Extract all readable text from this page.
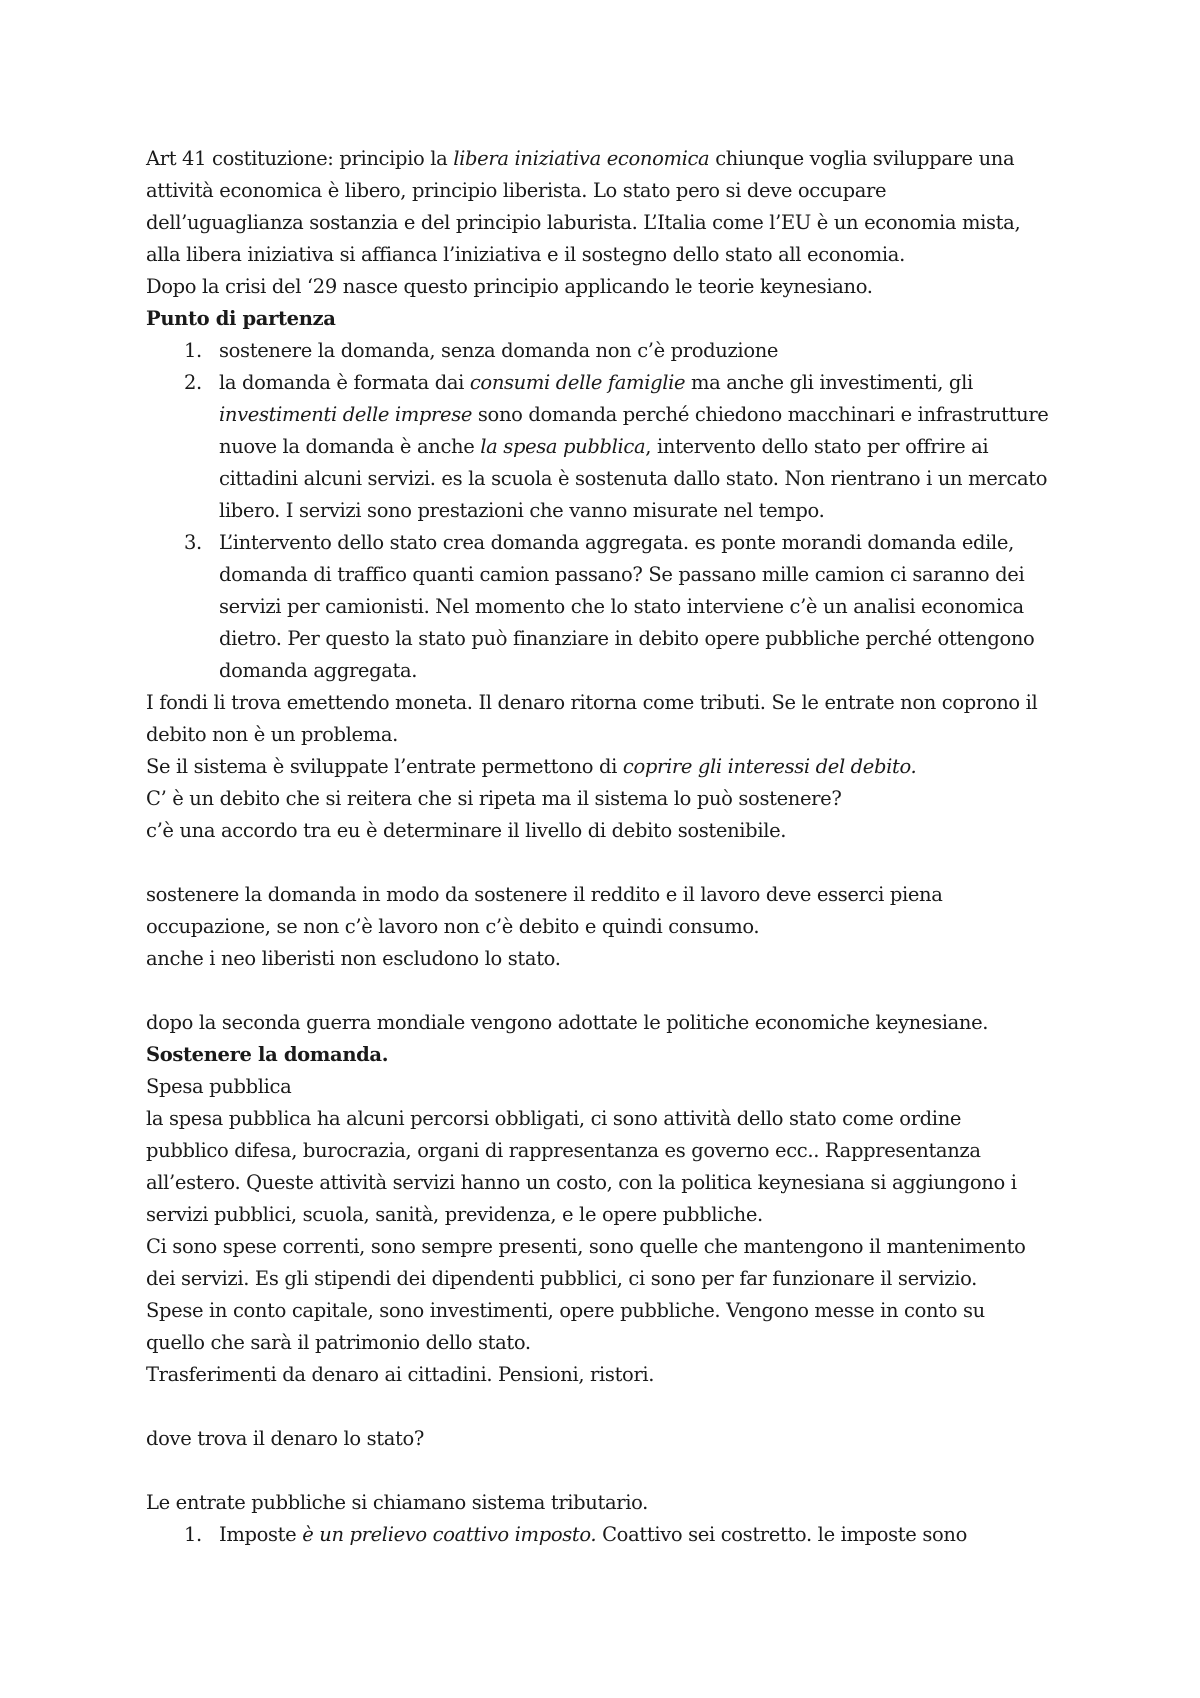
Art 41 costituzione: principio la libera iniziativa economica chiunque voglia sviluppare una
attività economica è libero, principio liberista. Lo stato pero si deve occupare
dell’uguaglianza sostanzia e del principio laburista. L’Italia come l’EU è un economia mista,
alla libera iniziativa si affianca l’iniziativa e il sostegno dello stato all economia.
Dopo la crisi del ‘29 nasce questo principio applicando le teorie keynesiano.
Punto di partenza
1. sostenere la domanda, senza domanda non c’è produzione
2. la domanda è formata dai consumi delle famiglie ma anche gli investimenti, gli
investimenti delle imprese sono domanda perché chiedono macchinari e infrastrutture
nuove la domanda è anche la spesa pubblica, intervento dello stato per offrire ai
cittadini alcuni servizi. es la scuola è sostenuta dallo stato. Non rientrano i un mercato
libero. I servizi sono prestazioni che vanno misurate nel tempo.
3. L’intervento dello stato crea domanda aggregata. es ponte morandi domanda edile,
domanda di traffico quanti camion passano? Se passano mille camion ci saranno dei
servizi per camionisti. Nel momento che lo stato interviene c’è un analisi economica
dietro. Per questo la stato può finanziare in debito opere pubbliche perché ottengono
domanda aggregata.
I fondi li trova emettendo moneta. Il denaro ritorna come tributi. Se le entrate non coprono il
debito non è un problema.
Se il sistema è sviluppate l’entrate permettono di coprire gli interessi del debito.
C’ è un debito che si reitera che si ripeta ma il sistema lo può sostenere?
c’è una accordo tra eu è determinare il livello di debito sostenibile.
sostenere la domanda in modo da sostenere il reddito e il lavoro deve esserci piena
occupazione, se non c’è lavoro non c’è debito e quindi consumo.
anche i neo liberisti non escludono lo stato.
dopo la seconda guerra mondiale vengono adottate le politiche economiche keynesiane.
Sostenere la domanda.
Spesa pubblica
la spesa pubblica ha alcuni percorsi obbligati, ci sono attività dello stato come ordine
pubblico difesa, burocrazia, organi di rappresentanza es governo ecc.. Rappresentanza
all’estero. Queste attività servizi hanno un costo, con la politica keynesiana si aggiungono i
servizi pubblici, scuola, sanità, previdenza, e le opere pubbliche.
Ci sono spese correnti, sono sempre presenti, sono quelle che mantengono il mantenimento
dei servizi. Es gli stipendi dei dipendenti pubblici, ci sono per far funzionare il servizio.
Spese in conto capitale, sono investimenti, opere pubbliche. Vengono messe in conto su
quello che sarà il patrimonio dello stato.
Trasferimenti da denaro ai cittadini. Pensioni, ristori.
dove trova il denaro lo stato?
Le entrate pubbliche si chiamano sistema tributario.
1. Imposte è un prelievo coattivo imposto. Coattivo sei costretto. le imposte sono
